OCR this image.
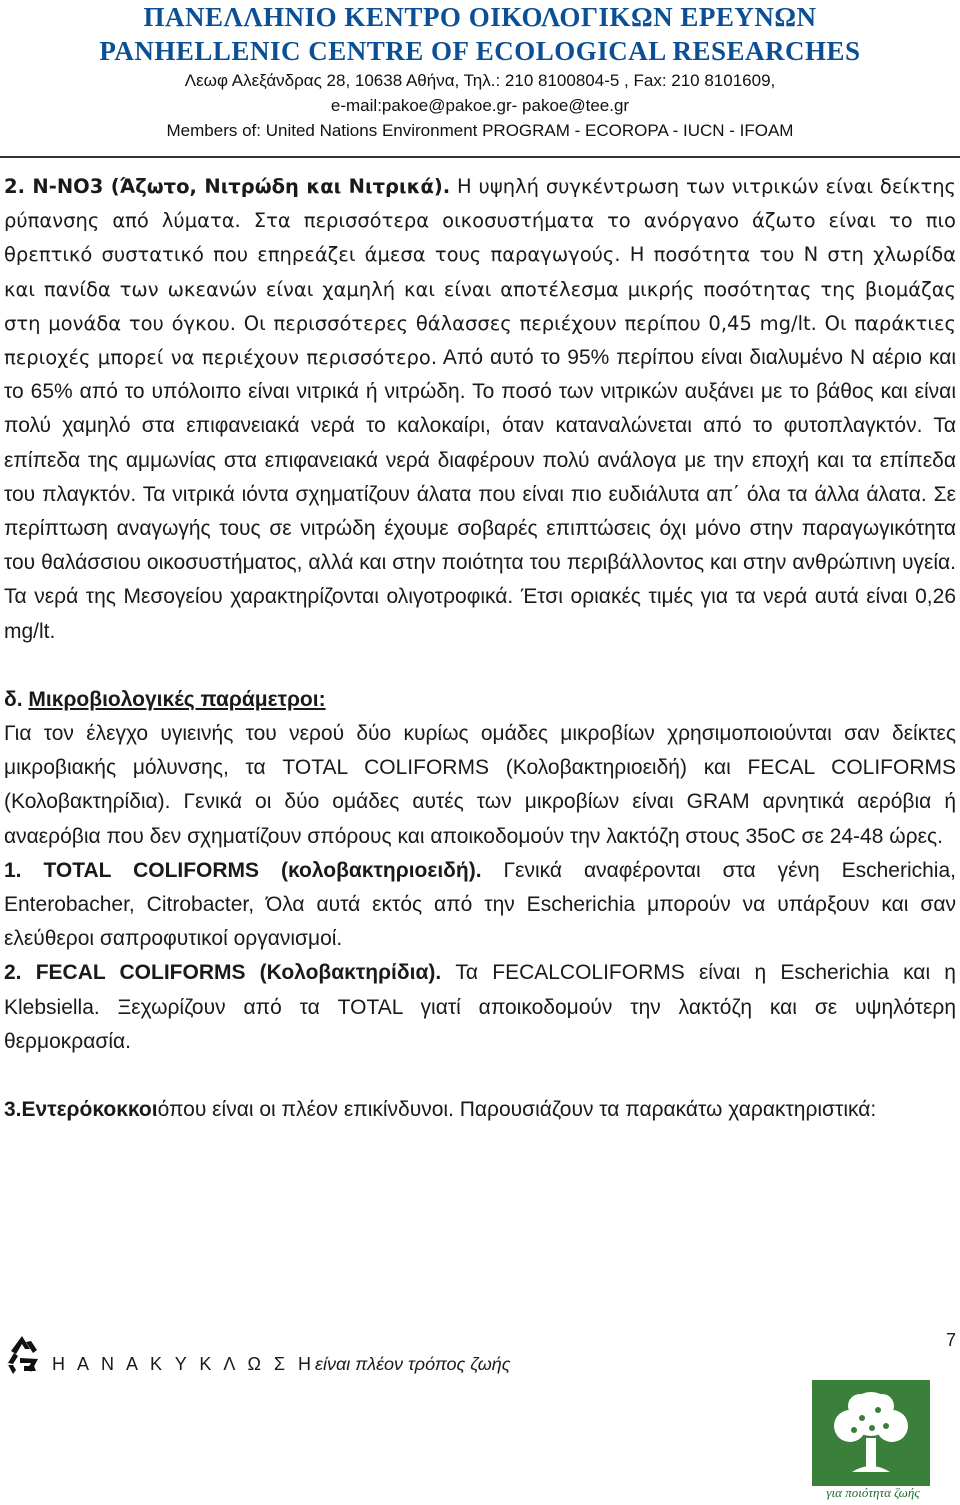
ΠΑΝΕΛΛΗΝΙΟ ΚΕΝΤΡΟ ΟΙΚΟΛΟΓΙΚΩΝ ΕΡΕΥΝΩΝ
PANHELLENIC CENTRE OF ECOLOGICAL RESEARCHES
Λεωφ Αλεξάνδρας 28, 10638 Αθήνα, Τηλ.: 210 8100804-5 , Fax: 210 8101609,
e-mail:pakoe@pakoe.gr- pakoe@tee.gr
Members of: United Nations Environment PROGRAM - ECOROPA - IUCN - IFOAM

2. N-NO3 (Άζωτο, Νιτρώδη και Νιτρικά). Η υψηλή συγκέντρωση των νιτρικών είναι δείκτης ρύπανσης από λύματα. Στα περισσότερα οικοσυστήματα το ανόργανο άζωτο είναι το πιο θρεπτικό συστατικό που επηρεάζει άμεσα τους παραγωγούς. Η ποσότητα του Ν στη χλωρίδα και πανίδα των ωκεανών είναι χαμηλή και είναι αποτέλεσμα μικρής ποσότητας της βιομάζας στη μονάδα του όγκου. Οι περισσότερες θάλασσες περιέχουν περίπου 0,45 mg/lt. Οι παράκτιες περιοχές μπορεί να περιέχουν περισσότερο. Από αυτό το 95% περίπου είναι διαλυμένο Ν αέριο και το 65% από το υπόλοιπο είναι νιτρικά ή νιτρώδη. Το ποσό των νιτρικών αυξάνει με το βάθος και είναι πολύ χαμηλό στα επιφανειακά νερά το καλοκαίρι, όταν καταναλώνεται από το φυτοπλαγκτόν. Τα επίπεδα της αμμωνίας στα επιφανειακά νερά διαφέρουν πολύ ανάλογα με την εποχή και τα επίπεδα του πλαγκτόν. Τα νιτρικά ιόντα σχηματίζουν άλατα που είναι πιο ευδιάλυτα απ΄ όλα τα άλλα άλατα. Σε περίπτωση αναγωγής τους σε νιτρώδη έχουμε σοβαρές επιπτώσεις όχι μόνο στην παραγωγικότητα του θαλάσσιου οικοσυστήματος, αλλά και στην ποιότητα του περιβάλλοντος και στην ανθρώπινη υγεία. Τα νερά της Μεσογείου χαρακτηρίζονται ολιγοτροφικά. Έτσι οριακές τιμές για τα νερά αυτά είναι 0,26 mg/lt.

δ. Μικροβιολογικές παράμετροι:

Για τον έλεγχο υγιεινής του νερού δύο κυρίως ομάδες μικροβίων χρησιμοποιούνται σαν δείκτες μικροβιακής μόλυνσης, τα TOTAL COLIFORMS (Κολοβακτηριοειδή) και FECAL COLIFORMS (Κολοβακτηρίδια). Γενικά οι δύο ομάδες αυτές των μικροβίων είναι GRAM αρνητικά αερόβια ή αναερόβια που δεν σχηματίζουν σπόρους και αποικοδομούν την λακτόζη στους 35oC σε 24-48 ώρες.

1. TOTAL COLIFORMS (κολοβακτηριοειδή). Γενικά αναφέρονται στα γένη Escherichia, Enterobacher, Citrobacter, Όλα αυτά εκτός από την Escherichia μπορούν να υπάρξουν και σαν ελεύθεροι σαπροφυτικοί οργανισμοί.

2. FECAL COLIFORMS (Κολοβακτηρίδια). Τα FECALCOLIFORMS είναι η Escherichia και η Klebsiella. Ξεχωρίζουν από τα TOTAL γιατί αποικοδομούν την λακτόζη και σε υψηλότερη θερμοκρασία.

3.Εντερόκοκκοιόπου είναι οι πλέον επικίνδυνοι. Παρουσιάζουν τα παρακάτω χαρακτηριστικά:

Η Α Ν Α Κ Υ Κ Λ Ω Σ Ηείναι πλέον τρόπος ζωής
7
για ποιότητα ζωής
